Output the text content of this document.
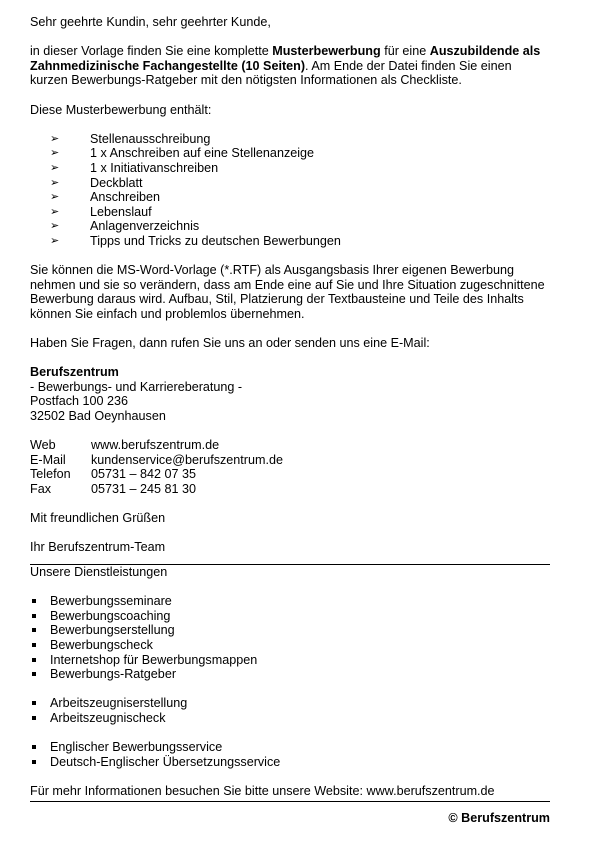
Sehr geehrte Kundin, sehr geehrter Kunde,

in dieser Vorlage finden Sie eine komplette Musterbewerbung für eine Auszubildende als Zahnmedizinische Fachangestellte (10 Seiten). Am Ende der Datei finden Sie einen kurzen Bewerbungs-Ratgeber mit den nötigsten Informationen als Checkliste.

Diese Musterbewerbung enthält:

➢ Stellenausschreibung
➢ 1 x Anschreiben auf eine Stellenanzeige
➢ 1 x Initiativanschreiben
➢ Deckblatt
➢ Anschreiben
➢ Lebenslauf
➢ Anlagenverzeichnis
➢ Tipps und Tricks zu deutschen Bewerbungen

Sie können die MS-Word-Vorlage (*.RTF) als Ausgangsbasis Ihrer eigenen Bewerbung nehmen und sie so verändern, dass am Ende eine auf Sie und Ihre Situation zugeschnittene Bewerbung daraus wird. Aufbau, Stil, Platzierung der Textbausteine und Teile des Inhalts können Sie einfach und problemlos übernehmen.

Haben Sie Fragen, dann rufen Sie uns an oder senden uns eine E-Mail:

Berufszentrum
- Bewerbungs- und Karriereberatung -
Postfach 100 236
32502 Bad Oeynhausen
Web	www.berufszentrum.de
E-Mail	kundenservice@berufszentrum.de
Telefon	05731 – 842 07 35
Fax	05731 – 245 81 30

Mit freundlichen Grüßen

Ihr Berufszentrum-Team

Unsere Dienstleistungen

Bewerbungsseminare
Bewerbungscoaching
Bewerbungserstellung
Bewerbungscheck
Internetshop für Bewerbungsmappen
Bewerbungs-Ratgeber
Arbeitszeugniserstellung
Arbeitszeugnischeck
Englischer Bewerbungsservice
Deutsch-Englischer Übersetzungsservice

Für mehr Informationen besuchen Sie bitte unsere Website: www.berufszentrum.de

© Berufszentrum
